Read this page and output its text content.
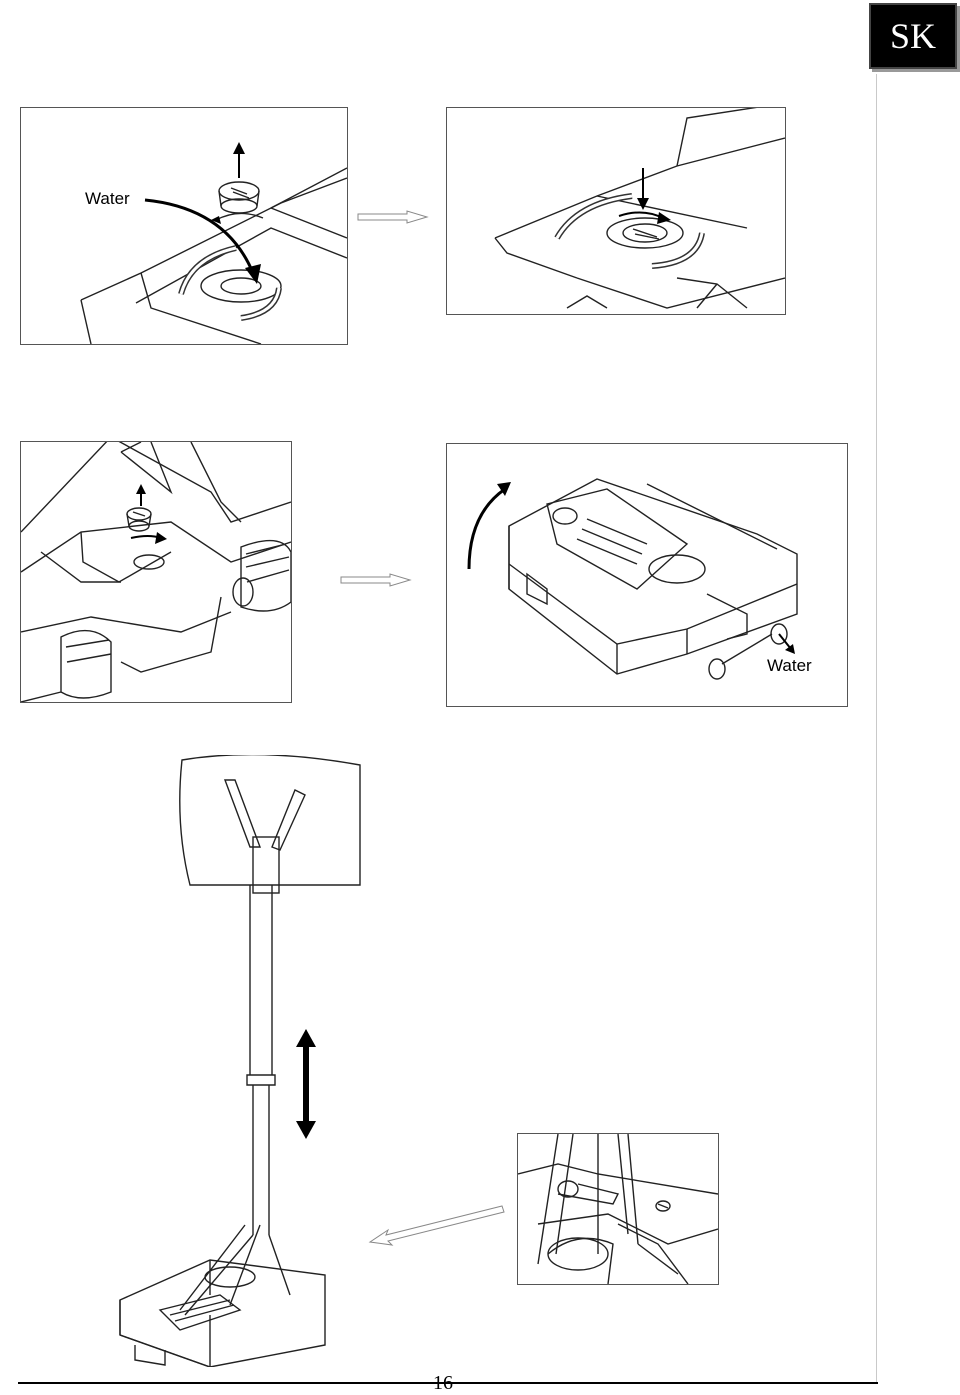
SK
Water
Water
16
